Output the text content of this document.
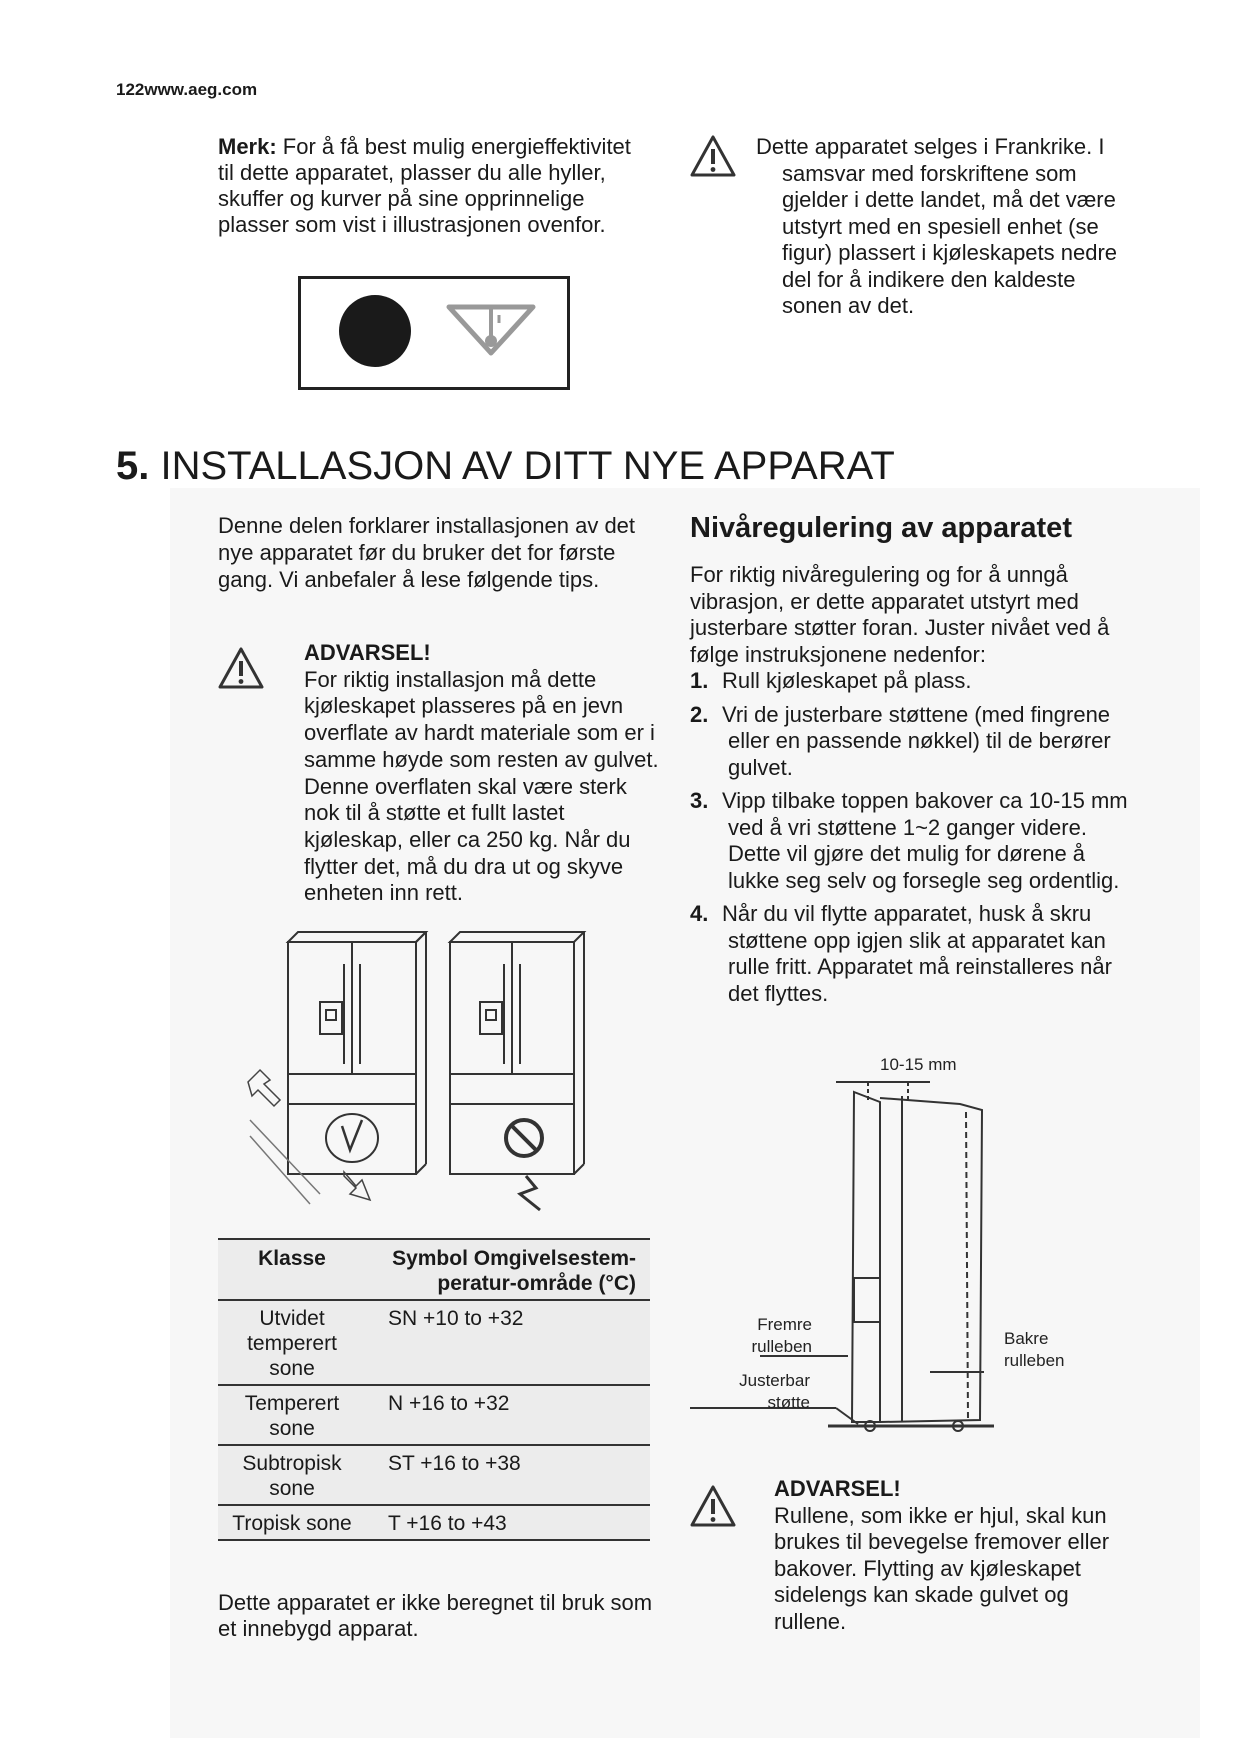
122www.aeg.com
Merk: For å få best mulig energieffektivitet til dette apparatet, plasser du alle hyller, skuffer og kurver på sine opprinnelige plasser som vist i illustrasjonen ovenfor.

Dette apparatet selges i Frankrike. I samsvar med forskriftene som gjelder i dette landet, må det være utstyrt med en spesiell enhet (se figur) plassert i kjøleskapets nedre del for å indikere den kaldeste sonen av det.

5. INSTALLASJON AV DITT NYE APPARAT
Denne delen forklarer installasjonen av det nye apparatet før du bruker det for første gang. Vi anbefaler å lese følgende tips.
ADVARSEL!
For riktig installasjon må dette kjøleskapet plasseres på en jevn overflate av hardt materiale som er i samme høyde som resten av gulvet. Denne overflaten skal være sterk nok til å støtte et fullt lastet kjøleskap, eller ca 250 kg. Når du flytter det, må du dra ut og skyve enheten inn rett.
Klasse	Symbol Omgivelsestem-peratur-område (°C)
Utvidet temperert sone	SN +10 to +32
Temperert sone	N +16 to +32
Subtropisk sone	ST +16 to +38
Tropisk sone	T +16 to +43
Dette apparatet er ikke beregnet til bruk som et innebygd apparat.
Nivåregulering av apparatet
For riktig nivåregulering og for å unngå vibrasjon, er dette apparatet utstyrt med justerbare støtter foran. Juster nivået ved å følge instruksjonene nedenfor:
1. Rull kjøleskapet på plass.
2. Vri de justerbare støttene (med fingrene eller en passende nøkkel) til de berører gulvet.
3. Vipp tilbake toppen bakover ca 10-15 mm ved å vri støttene 1~2 ganger videre. Dette vil gjøre det mulig for dørene å lukke seg selv og forsegle seg ordentlig.
4. Når du vil flytte apparatet, husk å skru støttene opp igjen slik at apparatet kan rulle fritt. Apparatet må reinstalleres når det flyttes.
10-15 mm
Fremre
rulleben
Justerbar
støtte
Bakre
rulleben
ADVARSEL!
Rullene, som ikke er hjul, skal kun brukes til bevegelse fremover eller bakover. Flytting av kjøleskapet sidelengs kan skade gulvet og rullene.
